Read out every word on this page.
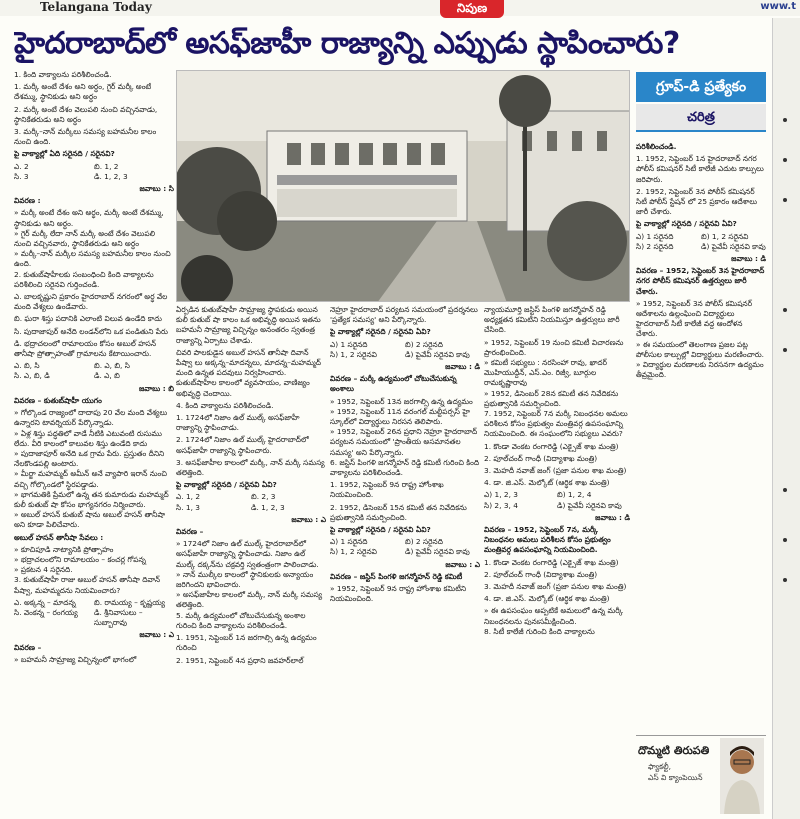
Telangana Today	నిపుణ	www.t
హైదరాబాద్‌లో అసఫ్‌జాహీ రాజ్యాన్ని ఎప్పుడు స్థాపించారు?
1. కింది వాక్యాలను పరిశీలించండి.
1. మర్కీ అంటే దేశం అని అర్థం, గైర్‌ మర్కీ అంటే దేశమ్ము, స్థానికుడు అని అర్థం
2. మర్కీ అంటే దేశం వెలుపలి నుంచి వచ్చినవాడు, స్థానికేతరుడు అని అర్థం
3. మర్కీ–నాన్‌ మర్కీలు సమస్య బహమనీల కాలం నుంచి ఉంది.
పై వాక్యాల్లో ఏది సరైనది / సరైనవి?
ఎ. 2	బి. 1, 2
సి. 3	డి. 1, 2, 3
జవాబు : సి
వివరణ :
» మర్కీ అంటే దేశం అని అర్థం, మర్కీ అంటే దేశమ్ము, స్థానికుడు అని అర్థం.
» గైర్‌ మర్కీ లేదా నాన్‌ మర్కీ అంటే దేశం వెలుపలి నుంచి వచ్చినవారు, స్థానికేతరుడు అని అర్థం
» మర్కీ–నాన్‌ మర్కీల సమస్య బహమనీల కాలం నుంచి ఉంది.
2. కుతుబ్‌షాహీలకు సంబంధించి కింది వాక్యాలను పరిశీలించి సరైనవి గుర్తించండి.
ఎ. బాలకృష్ణుని ప్రకారం హైదరాబాద్‌ నగరంలో అర్థ వేల మంది వేశ్యలు ఉండేవారు.
బి. ఘరా శిస్తు పదానికి ఎలాంటి విలువ ఉండేది కాదు
సి. పుదాజాపుర్‌ అనేది లండన్‌లోని ఒక పండితుని పేరు
డి. భద్రాచలంలో రామాలయం కోసం అబుల్‌ హసన్‌ తానీషా ప్రోత్సాహంతో గ్రామాలను కేటాయించారు.
ఎ. బి, సి	బి. ఎ, బి, సి
సి. ఎ, బి, డి	డి. ఎ, బి
జవాబు : బి
వివరణ – కుతుబ్‌షాహీ యుగం
» గోల్కొండ రాజ్యంలో దాదాపు 20 వేల మంది వేశ్యలు ఉన్నారని టావర్నియర్‌ పేర్కొన్నాడు.
» ఏళ్ల శిస్తు పద్ధతిలో వాడే నీటికి ఎటువంటి రుసుము లేదు. వీరి కాలంలో కాలువల శిస్తు ఉండేది కాదు
» పుదాజాపూర్‌ అనేది ఒక గ్రామ పేరు. ప్రస్తుతం దీనిని నేలకొండపల్లి అంటారు.
» మీర్జా మహమ్మద్‌ అమీన్‌ అనే వ్యాపారి ఇరాన్‌ నుంచి వచ్చి గోల్కొండలో స్థిరపడ్డాడు.
» భాగమతికి ప్రేమలో ఉన్న తన కుమారుడు మహమ్మద్‌ కులీ కుతుబ్‌ షా కోసం భాగ్యనగరం నిర్మించారు.
» అబుల్‌ హసన్‌ కుతుబ్‌ షాను అబుల్‌ హసన్‌ తానీషా అని కూడా పిలిచేవారు.
అబుల్‌ హసన్‌ తానీషా సేవలు :
» కూచిపూడి నాట్యానికి ప్రోత్సాహం
» భద్రాచలంలోని రామాలయం – కంచర్ల గోపన్న
» ప్రకటన 4 సరైనది.
3. కుతుబ్‌షాహీ రాజు అబుల్‌ హసన్‌ తానీషా దివాన్‌ పేష్వా, మహమ్మదను నియమించారు?
ఎ. అక్కన్న – మాదన్న	బి. రామయ్య – కృష్ణయ్య
సి. వెంకన్న – రంగయ్య	డి. శ్రీనివాసులు – సుబ్బారావు
జవాబు : ఎ
వివరణ –
» బహమనీ సామ్రాజ్య విచ్ఛిన్నంలో భాగంలో
ఏర్పడిన కుతుబ్‌షాహీ సామ్రాజ్య స్థాపకుడు అయిన కులీ కుతుబ్‌ షా కాలం ఒక అభివృద్ధి అయిన ఇతను బహమనీ సామ్రాజ్య విచ్ఛిన్నం అనంతరం స్వతంత్ర రాజ్యాన్ని ఏర్పాటు చేశాడు.
చివరి పాలకుడైన అబుల్‌ హసన్‌ తానీషా దివాన్‌ పేష్వా లు అక్కన్న–మాదన్నలు, మాదన్న–మహమ్మద్‌ మంది ఉన్నత పదవులు నిర్వహించారు. కుతుబ్‌షాహీల కాలంలో వ్యవసాయం, వాణిజ్యం అభివృద్ధి చెందాయి.
4. కింది వాక్యాలను పరిశీలించండి.
1. 1724లో నిజాం ఉల్‌ ముల్క్‌ అసఫ్‌జాహీ రాజ్యాన్ని స్థాపించాడు.
2. 1724లో నిజాం ఉల్‌ ముల్క్‌ హైదరాబాద్‌లో అసఫ్‌జాహీ రాజ్యాన్ని స్థాపించారు.
3. అసఫ్‌జాహీల కాలంలో మర్కీ, నాన్‌ మర్కీ సమస్య తలెత్తింది.
పై వాక్యాల్లో సరైనది / సరైనవి ఏవి?
ఎ. 1, 2	బి. 2, 3
సి. 1, 3	డి. 1, 2, 3
జవాబు : ఎ
వివరణ –
» 1724లో నిజాం ఉల్‌ ముల్క్‌ హైదరాబాద్‌లో అసఫ్‌జాహీ రాజ్యాన్ని స్థాపించాడు. నిజాం ఉల్‌ ముల్క్‌ దక్కన్‌ను చక్రవర్తి స్వతంత్రంగా పాలించాడు.
» నాన్‌ ముల్కీల కాలంలో స్థానికులకు అన్యాయం జరిగిందని భావించారు.
» అసఫ్‌జాహీల కాలంలో మర్కీ, నాన్‌ మర్కీ సమస్య తలెత్తింది.
5. మర్కీ ఉద్యమంలో చోటుచేసుకున్న అంశాల గురించి కింది వాక్యాలను పరిశీలించండి.
1. 1951, సెప్టెంబర్‌ 1న జరగాల్సి ఉన్న ఉద్యమం గురించి
2. 1951, సెప్టెంబర్‌ 4న ప్రధాని జవహర్‌లాల్‌
నెహ్రూ హైదరాబాద్‌ పర్యటన సమయంలో ప్రదర్శనలు 'ప్రత్యేక సమస్య' అని పేర్కొన్నారు.
పై వాక్యాల్లో సరైనది / సరైనవి ఏవి?
ఎ) 1 సరైనది	బి) 2 సరైనది
సి) 1, 2 సరైనవి	డి) పైవేవీ సరైనవి కావు
జవాబు : డి
వివరణ – మర్కీ ఉద్యమంలో చోటుచేసుకున్న అంశాలు
» 1952, సెప్టెంబర్‌ 13న జరగాల్సి ఉన్న ఉద్యమం
» 1952, సెప్టెంబర్‌ 11న వరంగల్‌ మల్టీపర్పస్‌ హై స్కూల్‌లో విద్యార్థులు నిరసన తెలిపారు.
» 1952, సెప్టెంబర్‌ 26న ప్రధాని నెహ్రూ హైదరాబాద్‌ పర్యటన సమయంలో 'ప్రాంతీయ అసమానతల సమస్య' అని పేర్కొన్నారు.
6. జస్టిస్‌ పింగళి జగన్మోహన్‌ రెడ్డి కమిటీ గురించి కింది వాక్యాలను పరిశీలించండి.
1. 1952, సెప్టెంబర్‌ 9న రాష్ట్ర హోంశాఖ నియమించింది.
2. 1952, డిసెంబర్‌ 15న కమిటీ తన నివేదికను ప్రభుత్వానికి సమర్పించింది.
పై వాక్యాల్లో సరైనది / సరైనవి ఏవి?
ఎ) 1 సరైనది	బి) 2 సరైనది
సి) 1, 2 సరైనవి	డి) పైవేవీ సరైనవి కావు
జవాబు : ఎ
వివరణ – జస్టిస్‌ పింగళి జగన్మోహన్‌ రెడ్డి కమిటీ
» 1952, సెప్టెంబర్‌ 9న రాష్ట్ర హోంశాఖ కమిటీని నియమించింది.
న్యాయమూర్తి జస్టిస్‌ పింగళి జగన్మోహన్‌ రెడ్డి అధ్యక్షతన కమిటీని నియమిస్తూ ఉత్తర్వులు జారీ చేసింది.
» 1952, సెప్టెంబర్‌ 19 నుంచి కమిటీ విచారణను ప్రారంభించింది.
» కమిటీ సభ్యులు : నరసింహా రావు, ఖాదర్‌ మొహియుద్దీన్‌, ఎస్‌.ఎం. రిజ్వీ, బూర్గుల రామకృష్ణారావు
» 1952, డిసెంబర్‌ 28న కమిటీ తన నివేదికను ప్రభుత్వానికి సమర్పించింది.
7. 1952, సెప్టెంబర్‌ 7న మర్కీ నిబంధనల అమలు పరిశీలన కోసం ప్రభుత్వం మంత్రివర్గ ఉపసంఘాన్ని నియమించింది. ఈ సంఘంలోని సభ్యులు ఎవరు?
1. కొండా వెంకట రంగారెడ్డి (ఎక్సైజ్‌ శాఖ మంత్రి)
2. పూల్‌చంద్‌ గాంధీ (విద్యాశాఖ మంత్రి)
3. మెహదీ నవాజ్‌ జంగ్‌ (ప్రజా పనుల శాఖ మంత్రి)
4. డా. జి.ఎస్‌. మెల్కోట్‌ (ఆర్థిక శాఖ మంత్రి)
ఎ) 1, 2, 3	బి) 1, 2, 4
సి) 2, 3, 4	డి) పైవేవీ సరైనవి కావు
జవాబు : డి
వివరణ – 1952, సెప్టెంబర్‌ 7న, మర్కీ నిబంధనల అమలు పరిశీలన కోసం ప్రభుత్వం మంత్రివర్గ ఉపసంఘాన్ని నియమించింది.
1. కొండా వెంకట రంగారెడ్డి (ఎక్సైజ్‌ శాఖ మంత్రి)
2. పూల్‌చంద్‌ గాంధీ (విద్యాశాఖ మంత్రి)
3. మెహదీ నవాజ్‌ జంగ్‌ (ప్రజా పనుల శాఖ మంత్రి)
4. డా. జి.ఎస్‌. మెల్కోట్‌ (ఆర్థిక శాఖ మంత్రి)
» ఈ ఉపసంఘం అప్పటికే అమలులో ఉన్న మర్కీ నిబంధనలను పునఃసమీక్షించింది.
8. సిటీ కాలేజీ గురించి కింది వాక్యాలను
గ్రూప్‌-డి ప్రత్యేకం
చరిత్ర
పరిశీలించండి.
1. 1952, సెప్టెంబర్‌ 1న హైదరాబాద్‌ నగర పోలీస్‌ కమిషనర్‌ సిటీ కాలేజీ ఎదుట కాల్పులు జరిపారు.
2. 1952, సెప్టెంబర్‌ 3న పోలీస్‌ కమిషనర్‌ సిటీ పోలీస్‌ స్టేషన్‌ లో 25 ప్రకారం ఆదేశాలు జారీ చేశారు.
పై వాక్యాల్లో సరైనది / సరైనవి ఏవి?
ఎ) 1 సరైనది	బి) 1, 2 సరైనవి
సి) 2 సరైనది	డి) పైవేవీ సరైనవి కావు
జవాబు : డి
వివరణ – 1952, సెప్టెంబర్‌ 3న హైదరాబాద్‌ నగర పోలీస్‌ కమిషనర్‌ ఉత్తర్వులు జారీ చేశారు.
» 1952, సెప్టెంబర్‌ 3న పోలీస్‌ కమిషనర్‌ ఆదేశాలను ఉల్లంఘించి విద్యార్థులు హైదరాబాద్‌ సిటీ కాలేజీ వద్ద ఆందోళన చేశారు.
» ఈ సమయంలో తెలంగాణ ప్రజల పట్ల పోలీసుల కాల్పుల్లో విద్యార్థులు మరణించారు.
» విద్యార్థుల మరణాలకు నిరసనగా ఉద్యమం తీవ్రమైంది.
దొమ్మటి తిరుపతి
ఫ్యాకల్టీ,
ఎస్‌ వి క్యాంపెయిన్‌
